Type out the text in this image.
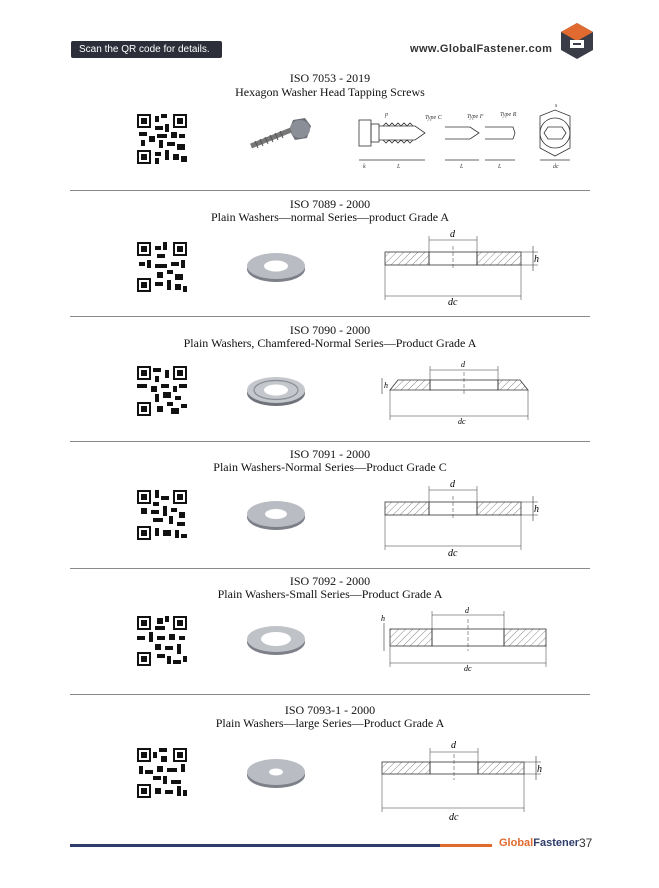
Scan the QR code for details.	www.GlobalFastener.com
ISO 7053 - 2019
Hexagon Washer Head Tapping Screws
p	Type C	Type F	Type R
s
k	L	L	L	dc
ISO 7089 - 2000
Plain Washers—normal Series—product Grade A
d
h
dc
ISO 7090 - 2000
Plain Washers, Chamfered-Normal Series—Product Grade A
d
h
dc
ISO 7091 - 2000
Plain Washers-Normal Series—Product Grade C
d
h
dc
ISO 7092 - 2000
Plain Washers-Small Series—Product Grade A
d
h
dc
ISO 7093-1 - 2000
Plain Washers—large Series—Product Grade A
d
h
dc
GlobalFastener 37
